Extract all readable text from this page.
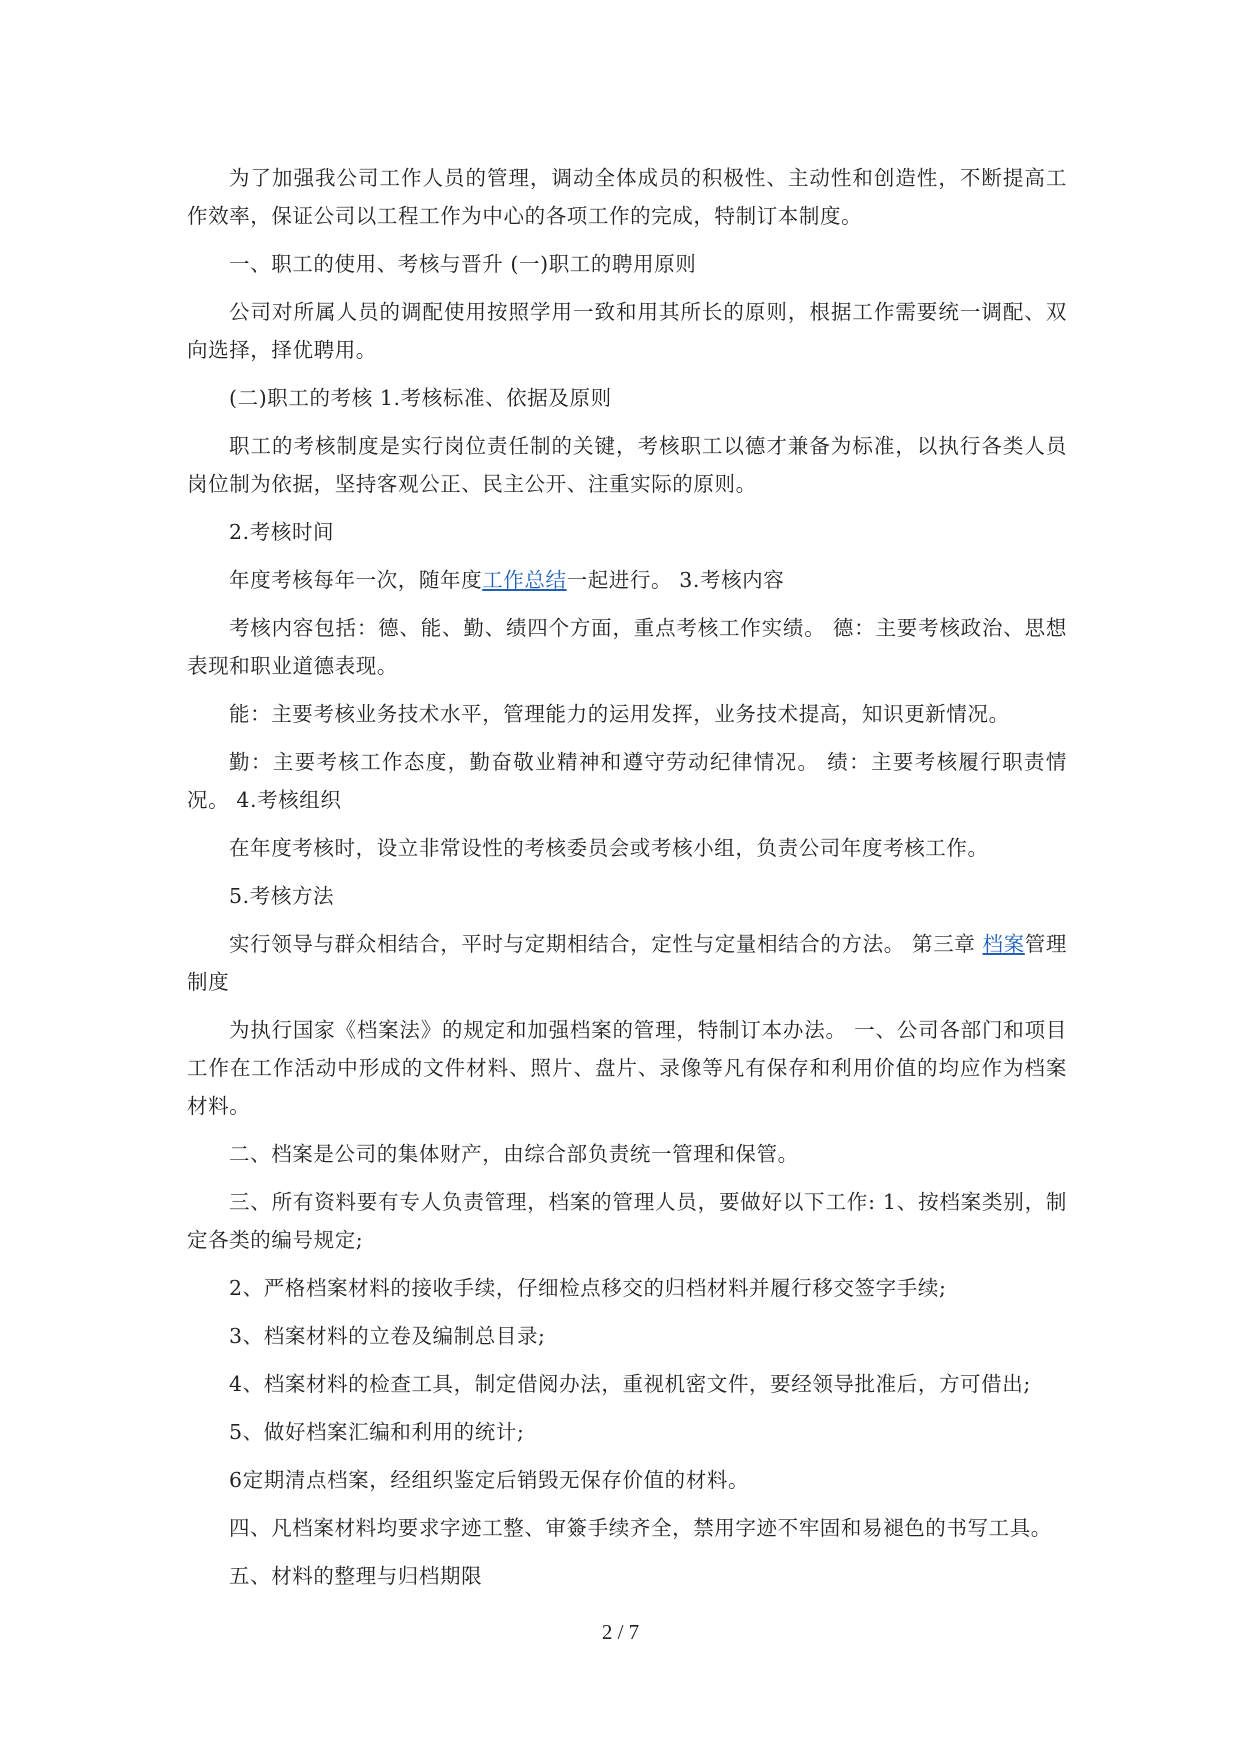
为了加强我公司工作人员的管理，调动全体成员的积极性、主动性和创造性，不断提高工作效率，保证公司以工程工作为中心的各项工作的完成，特制订本制度。

一、职工的使用、考核与晋升 (一)职工的聘用原则

公司对所属人员的调配使用按照学用一致和用其所长的原则，根据工作需要统一调配、双向选择，择优聘用。

(二)职工的考核 1.考核标准、依据及原则

职工的考核制度是实行岗位责任制的关键，考核职工以德才兼备为标准，以执行各类人员岗位制为依据，坚持客观公正、民主公开、注重实际的原则。

2.考核时间

年度考核每年一次，随年度工作总结一起进行。 3.考核内容

考核内容包括：德、能、勤、绩四个方面，重点考核工作实绩。 德：主要考核政治、思想表现和职业道德表现。

能：主要考核业务技术水平，管理能力的运用发挥，业务技术提高，知识更新情况。

勤：主要考核工作态度，勤奋敬业精神和遵守劳动纪律情况。 绩：主要考核履行职责情况。 4.考核组织

在年度考核时，设立非常设性的考核委员会或考核小组，负责公司年度考核工作。

5.考核方法

实行领导与群众相结合，平时与定期相结合，定性与定量相结合的方法。 第三章 档案管理制度

为执行国家《档案法》的规定和加强档案的管理，特制订本办法。 一、公司各部门和项目工作在工作活动中形成的文件材料、照片、盘片、录像等凡有保存和利用价值的均应作为档案材料。

二、档案是公司的集体财产，由综合部负责统一管理和保管。

三、所有资料要有专人负责管理，档案的管理人员，要做好以下工作: 1、按档案类别，制定各类的编号规定;

2、严格档案材料的接收手续，仔细检点移交的归档材料并履行移交签字手续;

3、档案材料的立卷及编制总目录;

4、档案材料的检查工具，制定借阅办法，重视机密文件，要经领导批准后，方可借出;

5、做好档案汇编和利用的统计;

6定期清点档案，经组织鉴定后销毁无保存价值的材料。

四、凡档案材料均要求字迹工整、审簽手续齐全，禁用字迹不牢固和易褪色的书写工具。

五、材料的整理与归档期限

2 / 7
